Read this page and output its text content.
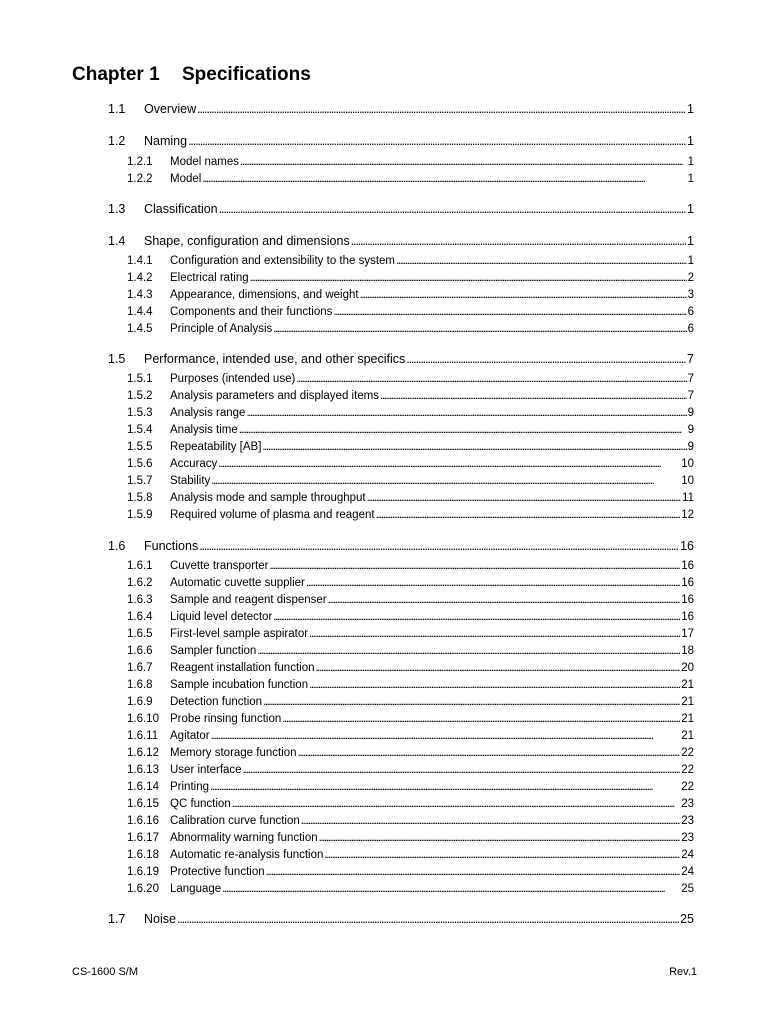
Chapter 1 Specifications
1.1	Overview . . .	1
1.2	Naming . . .	1
1.2.1	Model names . . .	1
1.2.2	Model . . .	1
1.3	Classification . . .	1
1.4	Shape, configuration and dimensions . . .	1
1.4.1	Configuration and extensibility to the system . . .	1
1.4.2	Electrical rating . . .	2
1.4.3	Appearance, dimensions, and weight . . .	3
1.4.4	Components and their functions . . .	6
1.4.5	Principle of Analysis . . .	6
1.5	Performance, intended use, and other specifics . . .	7
1.5.1	Purposes (intended use) . . .	7
1.5.2	Analysis parameters and displayed items . . .	7
1.5.3	Analysis range . . .	9
1.5.4	Analysis time . . .	9
1.5.5	Repeatability [AB] . . .	9
1.5.6	Accuracy . . .	10
1.5.7	Stability . . .	10
1.5.8	Analysis mode and sample throughput . . .	11
1.5.9	Required volume of plasma and reagent . . .	12
1.6	Functions . . .	16
1.6.1	Cuvette transporter . . .	16
1.6.2	Automatic cuvette supplier . . .	16
1.6.3	Sample and reagent dispenser . . .	16
1.6.4	Liquid level detector . . .	16
1.6.5	First-level sample aspirator . . .	17
1.6.6	Sampler function . . .	18
1.6.7	Reagent installation function . . .	20
1.6.8	Sample incubation function . . .	21
1.6.9	Detection function . . .	21
1.6.10 Probe rinsing function . . .	21
1.6.11	Agitator . . .	21
1.6.12 Memory storage function . . .	22
1.6.13 User interface . . .	22
1.6.14 Printing . . .	22
1.6.15 QC function . . .	23
1.6.16 Calibration curve function . . .	23
1.6.17 Abnormality warning function . . .	23
1.6.18 Automatic re-analysis function . . .	24
1.6.19 Protective function . . .	24
1.6.20 Language . . .	25
1.7	Noise . . .	25
CS-1600 S/M	Rev.1
